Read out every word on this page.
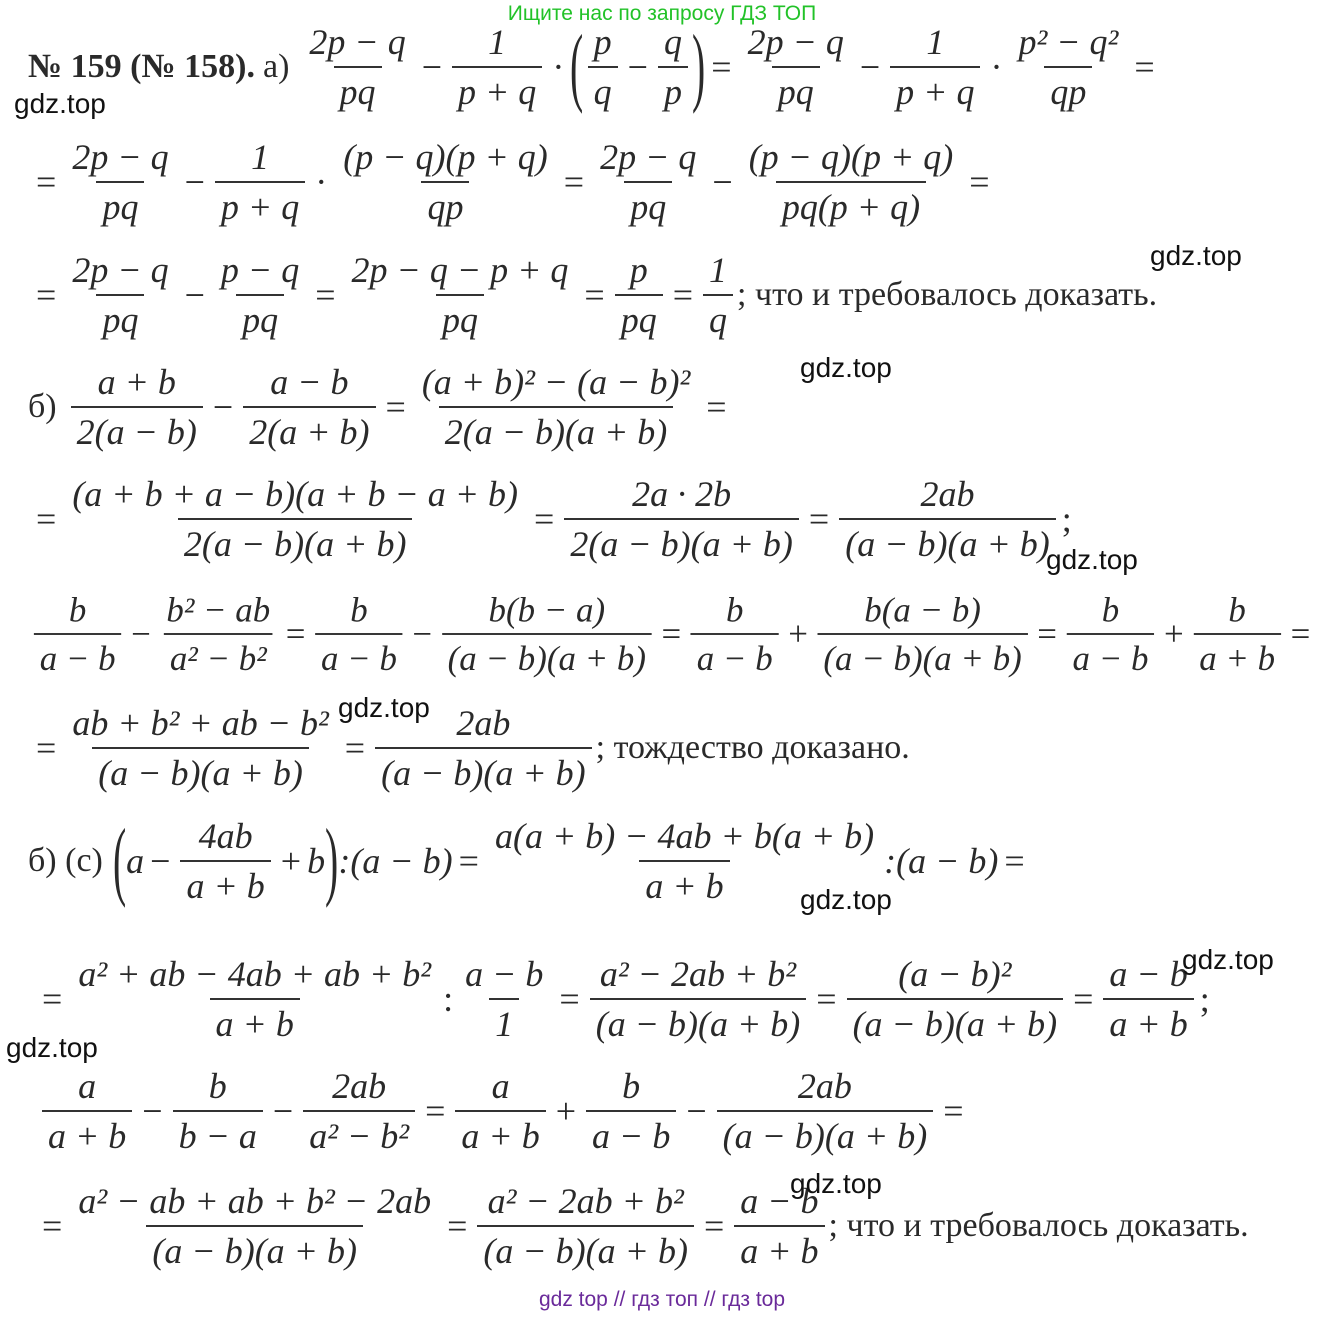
Ищите нас по запросу ГДЗ ТОП
№ 159 (№ 158). $а) \frac{2p - q}{pq} - \frac{1}{p + q}$ · ( $\frac{p}{q} - \frac{q}{p}$ ) = $\frac{2p - q}{pq} - \frac{1}{p + q} \cdot \frac{\text{p² − q²}}{qp}$ =
= $\frac{2p - q}{pq} - \frac{1}{p + q} \cdot \frac{(p - q)(p + q)}{qp} = \frac{2p - q}{pq} - \frac{(p - q)(p + q)}{pq(p + q)}$ =
= $\frac{2p - q}{pq} - \frac{p - q}{pq} = \frac{2p - q - p + q}{pq} = \frac{p}{pq} = \frac{1}{q}$ ; что и требовалось доказать.
$б) \frac{a + b}{2(a - b)} - \frac{a - b}{2(a + b)} = \frac{\text{(a + b)² − (a − b)²}}{2(a - b)(a + b)}$ =
= $\frac{(a + b + a - b)(a + b - a + b)}{2(a - b)(a + b)} = \frac{2a \cdot 2b}{2(a - b)(a + b)} = \frac{2ab}{(a - b)(a + b)}$ ;
$\frac{b}{a - b} - \frac{\text{b² − ab}}{\text{a² − b²}} = \frac{b}{a - b} - \frac{b(b - a)}{(a - b)(a + b)} = \frac{b}{a - b} + \frac{b(a - b)}{(a - b)(a + b)} = \frac{b}{a - b} + \frac{b}{a + b}$ =
= $\frac{\text{ab + b² + ab − b²}}{(a - b)(a + b)} = \frac{2ab}{(a - b)(a + b)}$ ; тождество доказано.
б) (с) ( $a - \frac{4ab}{a + b} + b$ ) :(a − $b) = \frac{a(a + b) - 4ab + b(a + b)}{a + b}$ :(a − b) =
= $\frac{\text{a² + ab − 4ab + ab + b²}}{a + b}$ : $\frac{a - b}{1} = \frac{\text{a² − 2ab + b²}}{(a - b)(a + b)} = \frac{\text{(a − b)²}}{(a - b)(a + b)} = \frac{a - b}{a + b}$ ;
$\frac{a}{a + b} - \frac{b}{b - a} - \frac{2ab}{\text{a² − b²}} = \frac{a}{a + b} + \frac{b}{a - b} - \frac{2ab}{(a - b)(a + b)}$ =
= $\frac{\text{a² − ab + ab + b² − 2ab}}{(a - b)(a + b)} = \frac{\text{a² − 2ab + b²}}{(a - b)(a + b)} = \frac{a - b}{a + b}$ ; что и требовалось доказать.
gdz.top
gdz.top
gdz.top
gdz.top
gdz.top
gdz.top
gdz.top
gdz.top
gdz.top
gdz top // гдз топ // гдз top
